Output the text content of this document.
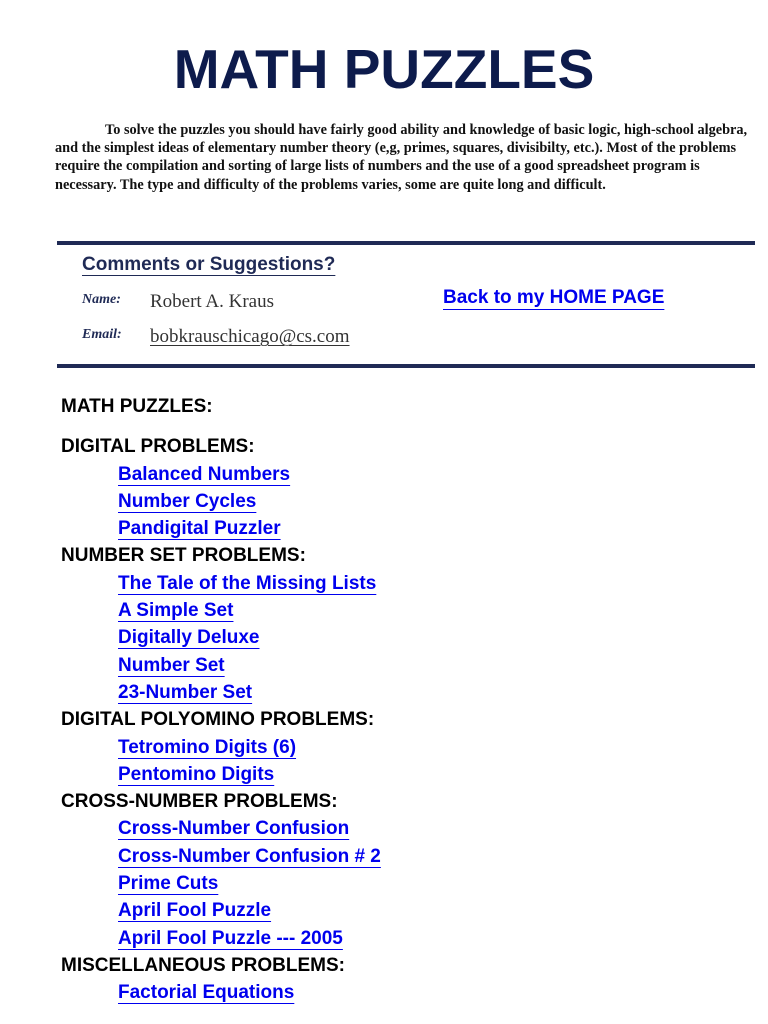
MATH PUZZLES

To solve the puzzles you should have fairly good ability and knowledge of basic logic, high-school algebra, and the simplest ideas of elementary number theory (e,g, primes, squares, divisibilty, etc.). Most of the problems require the compilation and sorting of large lists of numbers and the use of a good spreadsheet program is necessary. The type and difficulty of the problems varies, some are quite long and difficult.

Comments or Suggestions?
Name: Robert A. Kraus
Email: bobkrauschicago@cs.com
Back to my HOME PAGE
MATH PUZZLES:
DIGITAL PROBLEMS:
Balanced Numbers
Number Cycles
Pandigital Puzzler
NUMBER SET PROBLEMS:
The Tale of the Missing Lists
A Simple Set
Digitally Deluxe
Number Set
23-Number Set
DIGITAL POLYOMINO PROBLEMS:
Tetromino Digits (6)
Pentomino Digits
CROSS-NUMBER PROBLEMS:
Cross-Number Confusion
Cross-Number Confusion # 2
Prime Cuts
April Fool Puzzle
April Fool Puzzle --- 2005
MISCELLANEOUS PROBLEMS:
Factorial Equations
